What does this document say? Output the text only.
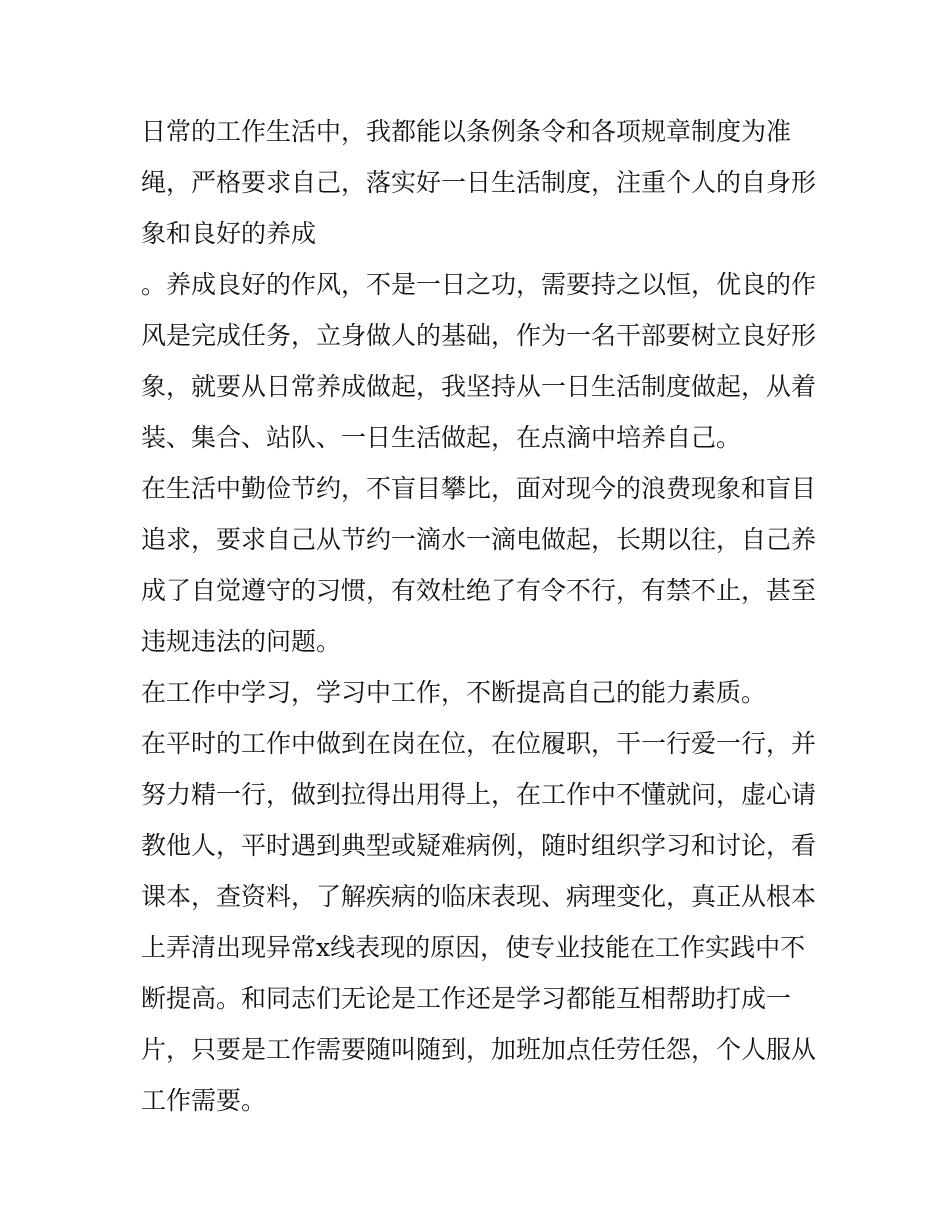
日常的工作生活中，我都能以条例条令和各项规章制度为准
绳，严格要求自己，落实好一日生活制度，注重个人的自身形
象和良好的养成
。养成良好的作风，不是一日之功，需要持之以恒，优良的作
风是完成任务，立身做人的基础，作为一名干部要树立良好形
象，就要从日常养成做起，我坚持从一日生活制度做起，从着
装、集合、站队、一日生活做起，在点滴中培养自己。
在生活中勤俭节约，不盲目攀比，面对现今的浪费现象和盲目
追求，要求自己从节约一滴水一滴电做起，长期以往，自己养
成了自觉遵守的习惯，有效杜绝了有令不行，有禁不止，甚至
违规违法的问题。
在工作中学习，学习中工作，不断提高自己的能力素质。
在平时的工作中做到在岗在位，在位履职，干一行爱一行，并
努力精一行，做到拉得出用得上，在工作中不懂就问，虚心请
教他人，平时遇到典型或疑难病例，随时组织学习和讨论，看
课本，查资料，了解疾病的临床表现、病理变化，真正从根本
上弄清出现异常x线表现的原因，使专业技能在工作实践中不
断提高。和同志们无论是工作还是学习都能互相帮助打成一
片，只要是工作需要随叫随到，加班加点任劳任怨，个人服从
工作需要。
